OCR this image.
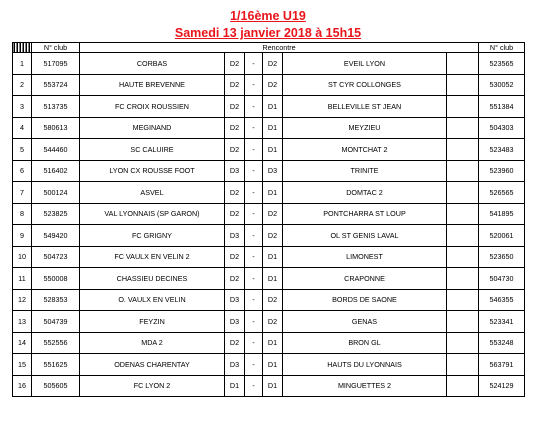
1/16ème U19
Samedi 13 janvier 2018 à 15h15
	N° club	Rencontre						N° club
1	517095	CORBAS	D2	-	D2	EVEIL LYON		523565
2	553724	HAUTE BREVENNE	D2	-	D2	ST CYR COLLONGES		530052
3	513735	FC CROIX ROUSSIEN	D2	-	D1	BELLEVILLE ST JEAN		551384
4	580613	MEGINAND	D2	-	D1	MEYZIEU		504303
5	544460	SC CALUIRE	D2	-	D1	MONTCHAT 2		523483
6	516402	LYON CX ROUSSE FOOT	D3	-	D3	TRINITE		523960
7	500124	ASVEL	D2	-	D1	DOMTAC 2		526565
8	523825	VAL LYONNAIS (SP GARON)	D2	-	D2	PONTCHARRA ST LOUP		541895
9	549420	FC GRIGNY	D3	-	D2	OL ST GENIS LAVAL		520061
10	504723	FC VAULX EN VELIN 2	D2	-	D1	LIMONEST		523650
11	550008	CHASSIEU DECINES	D2	-	D1	CRAPONNE		504730
12	528353	O. VAULX EN VELIN	D3	-	D2	BORDS DE SAONE		546355
13	504739	FEYZIN	D3	-	D2	GENAS		523341
14	552556	MDA 2	D2	-	D1	BRON GL		553248
15	551625	ODENAS CHARENTAY	D3	-	D1	HAUTS DU LYONNAIS		563791
16	505605	FC LYON 2	D1	-	D1	MINGUETTES 2		524129
